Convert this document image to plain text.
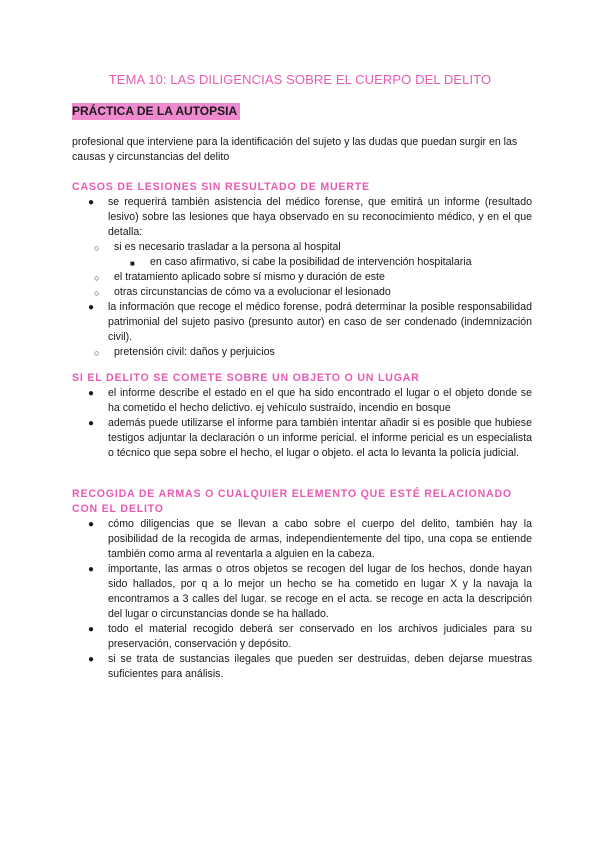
TEMA 10: LAS DILIGENCIAS SOBRE EL CUERPO DEL DELITO
PRÁCTICA DE LA AUTOPSIA
profesional que intervienе para la identificación del sujeto y las dudas que puedan surgir en las causas y circunstancias del delito
CASOS DE LESIONES SIN RESULTADO DE MUERTE
● se requerirá también asistencia del médico forense, que emitirá un informe (resultado lesivo) sobre las lesiones que haya observado en su reconocimiento médico, y en el que detalla:
○ si es necesario trasladar a la persona al hospital
■ en caso afirmativo, si cabe la posibilidad de intervención hospitalaria
○ el tratamiento aplicado sobre sí mismo y duración de este
○ otras circunstancias de cómo va a evolucionar el lesionado
● la información que recoge el médico forense, podrá determinar la posible responsabilidad patrimonial del sujeto pasivo (presunto autor) en caso de ser condenado (indemnización civil).
○ pretensión civil: daños y perjuicios
SI EL DELITO SE COMETE SOBRE UN OBJETO O UN LUGAR
● el informe describe el estado en el que ha sido encontrado el lugar o el objeto donde se ha cometido el hecho delictivo. ej vehículo sustraído, incendio en bosque
● además puede utilizarse el informe para también intentar añadir si es posible que hubiese testigos adjuntar la declaración o un informe pericial. el informe pericial es un especialista o técnico que sepa sobre el hecho, el lugar o objeto. el acta lo levanta la policía judicial.
RECOGIDA DE ARMAS O CUALQUIER ELEMENTO QUE ESTÉ RELACIONADO CON EL DELITO
● cómo diligencias que se llevan a cabo sobre el cuerpo del delito, también hay la posibilidad de la recogida de armas, independientemente del tipo, una copa se entiende también como arma al reventarla a alguien en la cabeza.
● importante, las armas o otros objetos se recogen del lugar de los hechos, donde hayan sido hallados, por q a lo mejor un hecho se ha cometido en lugar X y la navaja la encontramos a 3 calles del lugar. se recoge en el acta. se recoge en acta la descripción del lugar o circunstancias donde se ha hallado.
● todo el material recogido deberá ser conservado en los archivos judiciales para su preservación, conservación y depósito.
● si se trata de sustancias ilegales que pueden ser destruidas, deben dejarse muestras suficientes para análisis.
